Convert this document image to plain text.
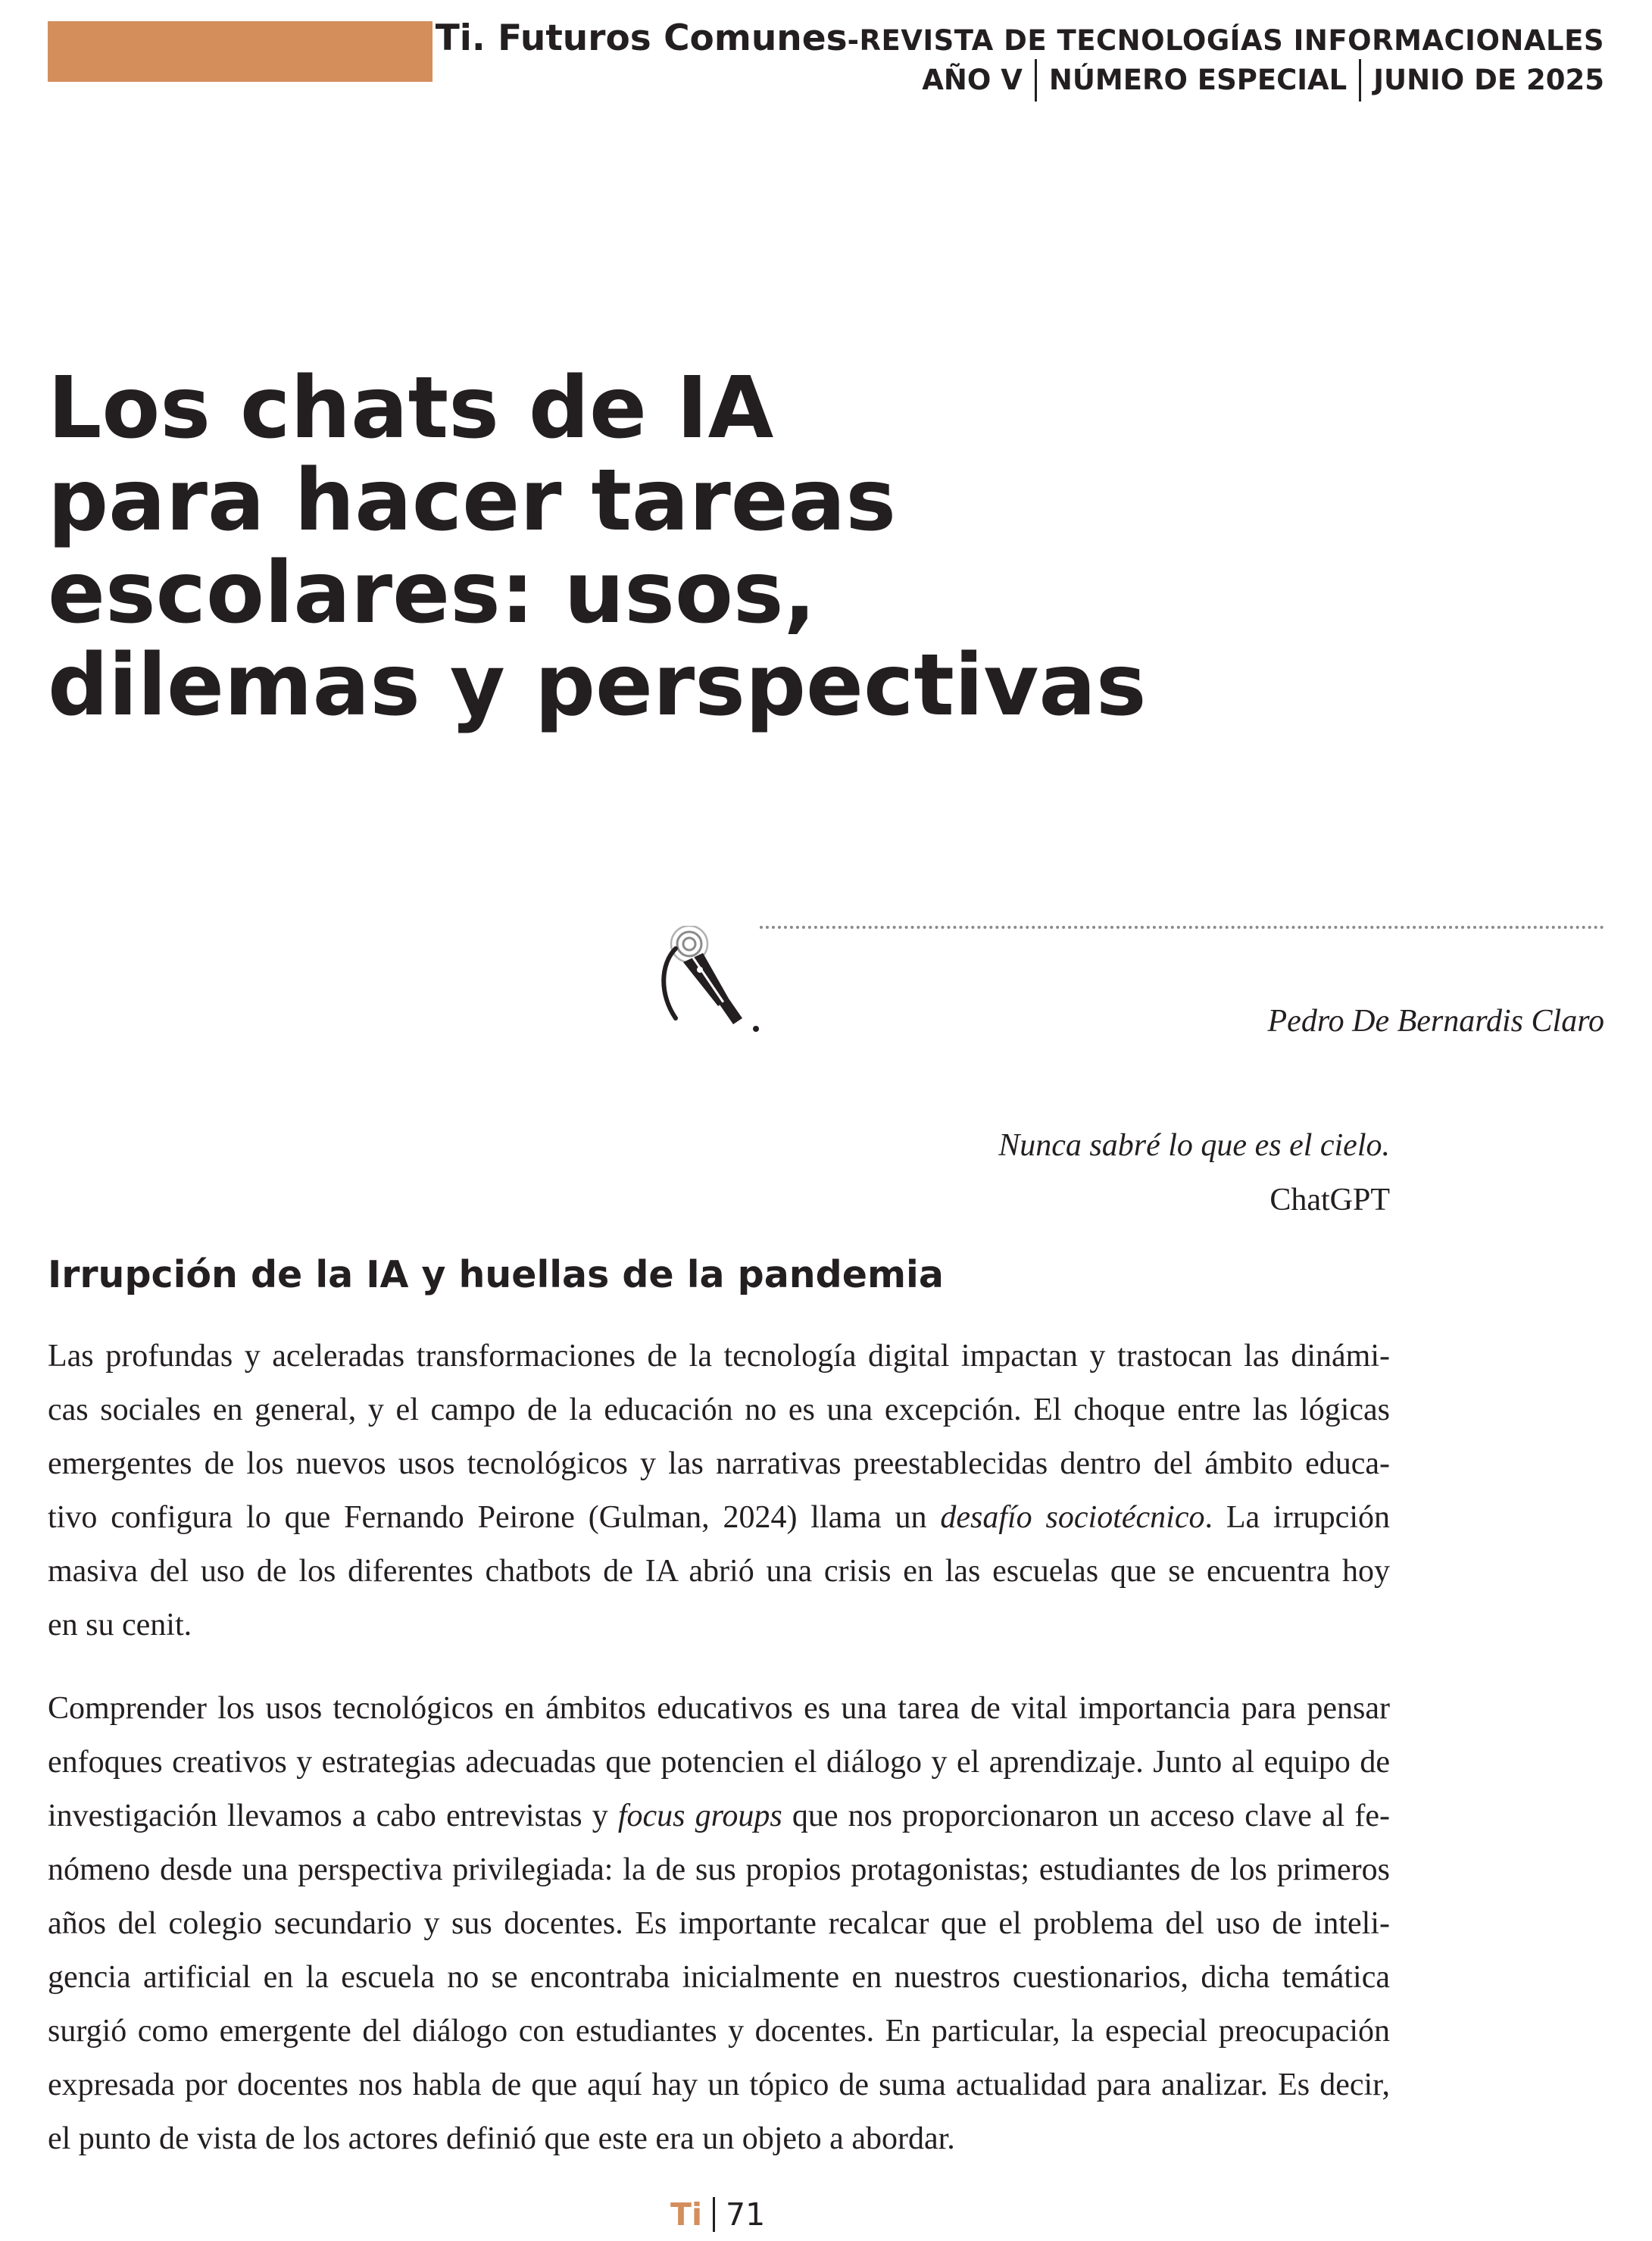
Ti. Futuros Comunes-REVISTA DE TECNOLOGÍAS INFORMACIONALES
AÑO V NÚMERO ESPECIAL JUNIO DE 2025
Los chats de IA
para hacer tareas
escolares: usos,
dilemas y perspectivas
Pedro De Bernardis Claro
Nunca sabré lo que es el cielo.
ChatGPT
Irrupción de la IA y huellas de la pandemia
Las profundas y aceleradas transformaciones de la tecnología digital impactan y trastocan las dinámi-
cas sociales en general, y el campo de la educación no es una excepción. El choque entre las lógicas
emergentes de los nuevos usos tecnológicos y las narrativas preestablecidas dentro del ámbito educa-
tivo configura lo que Fernando Peirone (Gulman, 2024) llama un desafío sociotécnico. La irrupción
masiva del uso de los diferentes chatbots de IA abrió una crisis en las escuelas que se encuentra hoy
en su cenit.
Comprender los usos tecnológicos en ámbitos educativos es una tarea de vital importancia para pensar
enfoques creativos y estrategias adecuadas que potencien el diálogo y el aprendizaje. Junto al equipo de
investigación llevamos a cabo entrevistas y focus groups que nos proporcionaron un acceso clave al fe-
nómeno desde una perspectiva privilegiada: la de sus propios protagonistas; estudiantes de los primeros
años del colegio secundario y sus docentes. Es importante recalcar que el problema del uso de inteli-
gencia artificial en la escuela no se encontraba inicialmente en nuestros cuestionarios, dicha temática
surgió como emergente del diálogo con estudiantes y docentes. En particular, la especial preocupación
expresada por docentes nos habla de que aquí hay un tópico de suma actualidad para analizar. Es decir,
el punto de vista de los actores definió que este era un objeto a abordar.
Ti 71
